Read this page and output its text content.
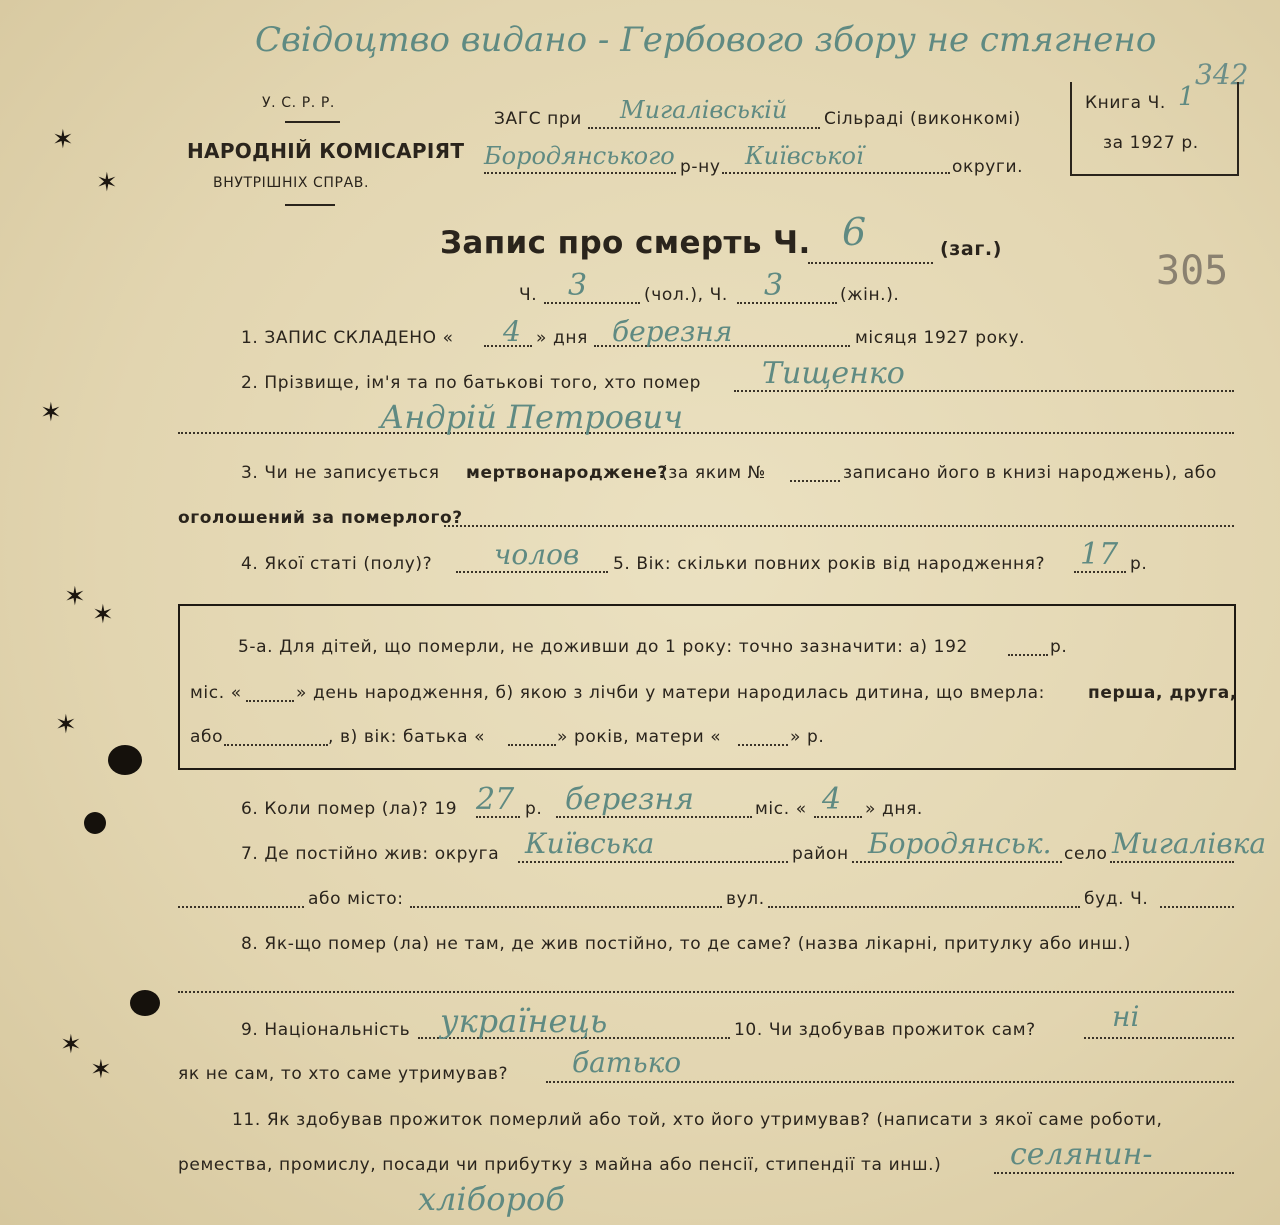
✶
✶
✶
✶
✶
✶
✶
✶
Свідоцтво видано - Гербового збору не стягнено
342
У. С. Р. Р.
НАРОДНІЙ КОМІСАРІЯТ
ВНУТРІШНІХ СПРАВ.
ЗАГС при Мигалівській Сільраді (виконкомі)
Бородянського р-ну Київської	округи.
Книга Ч. 1
за 1927 р.
Запис про смерть Ч. 6	(заг.)	305
Ч. 3	(чол.), Ч. 3	(жін.).
1. ЗАПИС СКЛАДЕНО « 4 » дня березня	місяця 1927 року.
2. Прізвище, ім'я та по батькові того, хто помер Тищенко
Андрій Петрович
3. Чи не записується мертвонароджене?
(за яким №	записано його в книзі народжень), або
оголошений за померлого?
4. Якої статі (полу)? чолов 5. Вік: скільки повних років від народження? 17 р.
5-а. Для дітей, що померли, не доживши до 1 року: точно зазначити: а) 192	р.
міс. «	» день народження, б) якою з лічби у матери народилась дитина, що вмерла:	перша, друга,
або	, в) вік: батька «	» років, матери «	» р.
6. Коли помер (ла)? 19 27 р. березня	міс. « 4 » дня.
7. Де постійно жив: округа Київська	район Бородянськ. село Мигалівка
або місто:	вул.	буд. Ч.
8. Як-що помер (ла) не там, де жив постійно, то де саме? (назва лікарні, притулку або инш.)
9. Національність українець	10. Чи здобував прожиток сам?	ні
як не сам, то хто саме утримував? батько
11. Як здобував прожиток померлий або той, хто його утримував? (написати з якої саме роботи,
ремества, промислу, посади чи прибутку з майна або пенсії, стипендії та инш.) селянин-
хлібороб
